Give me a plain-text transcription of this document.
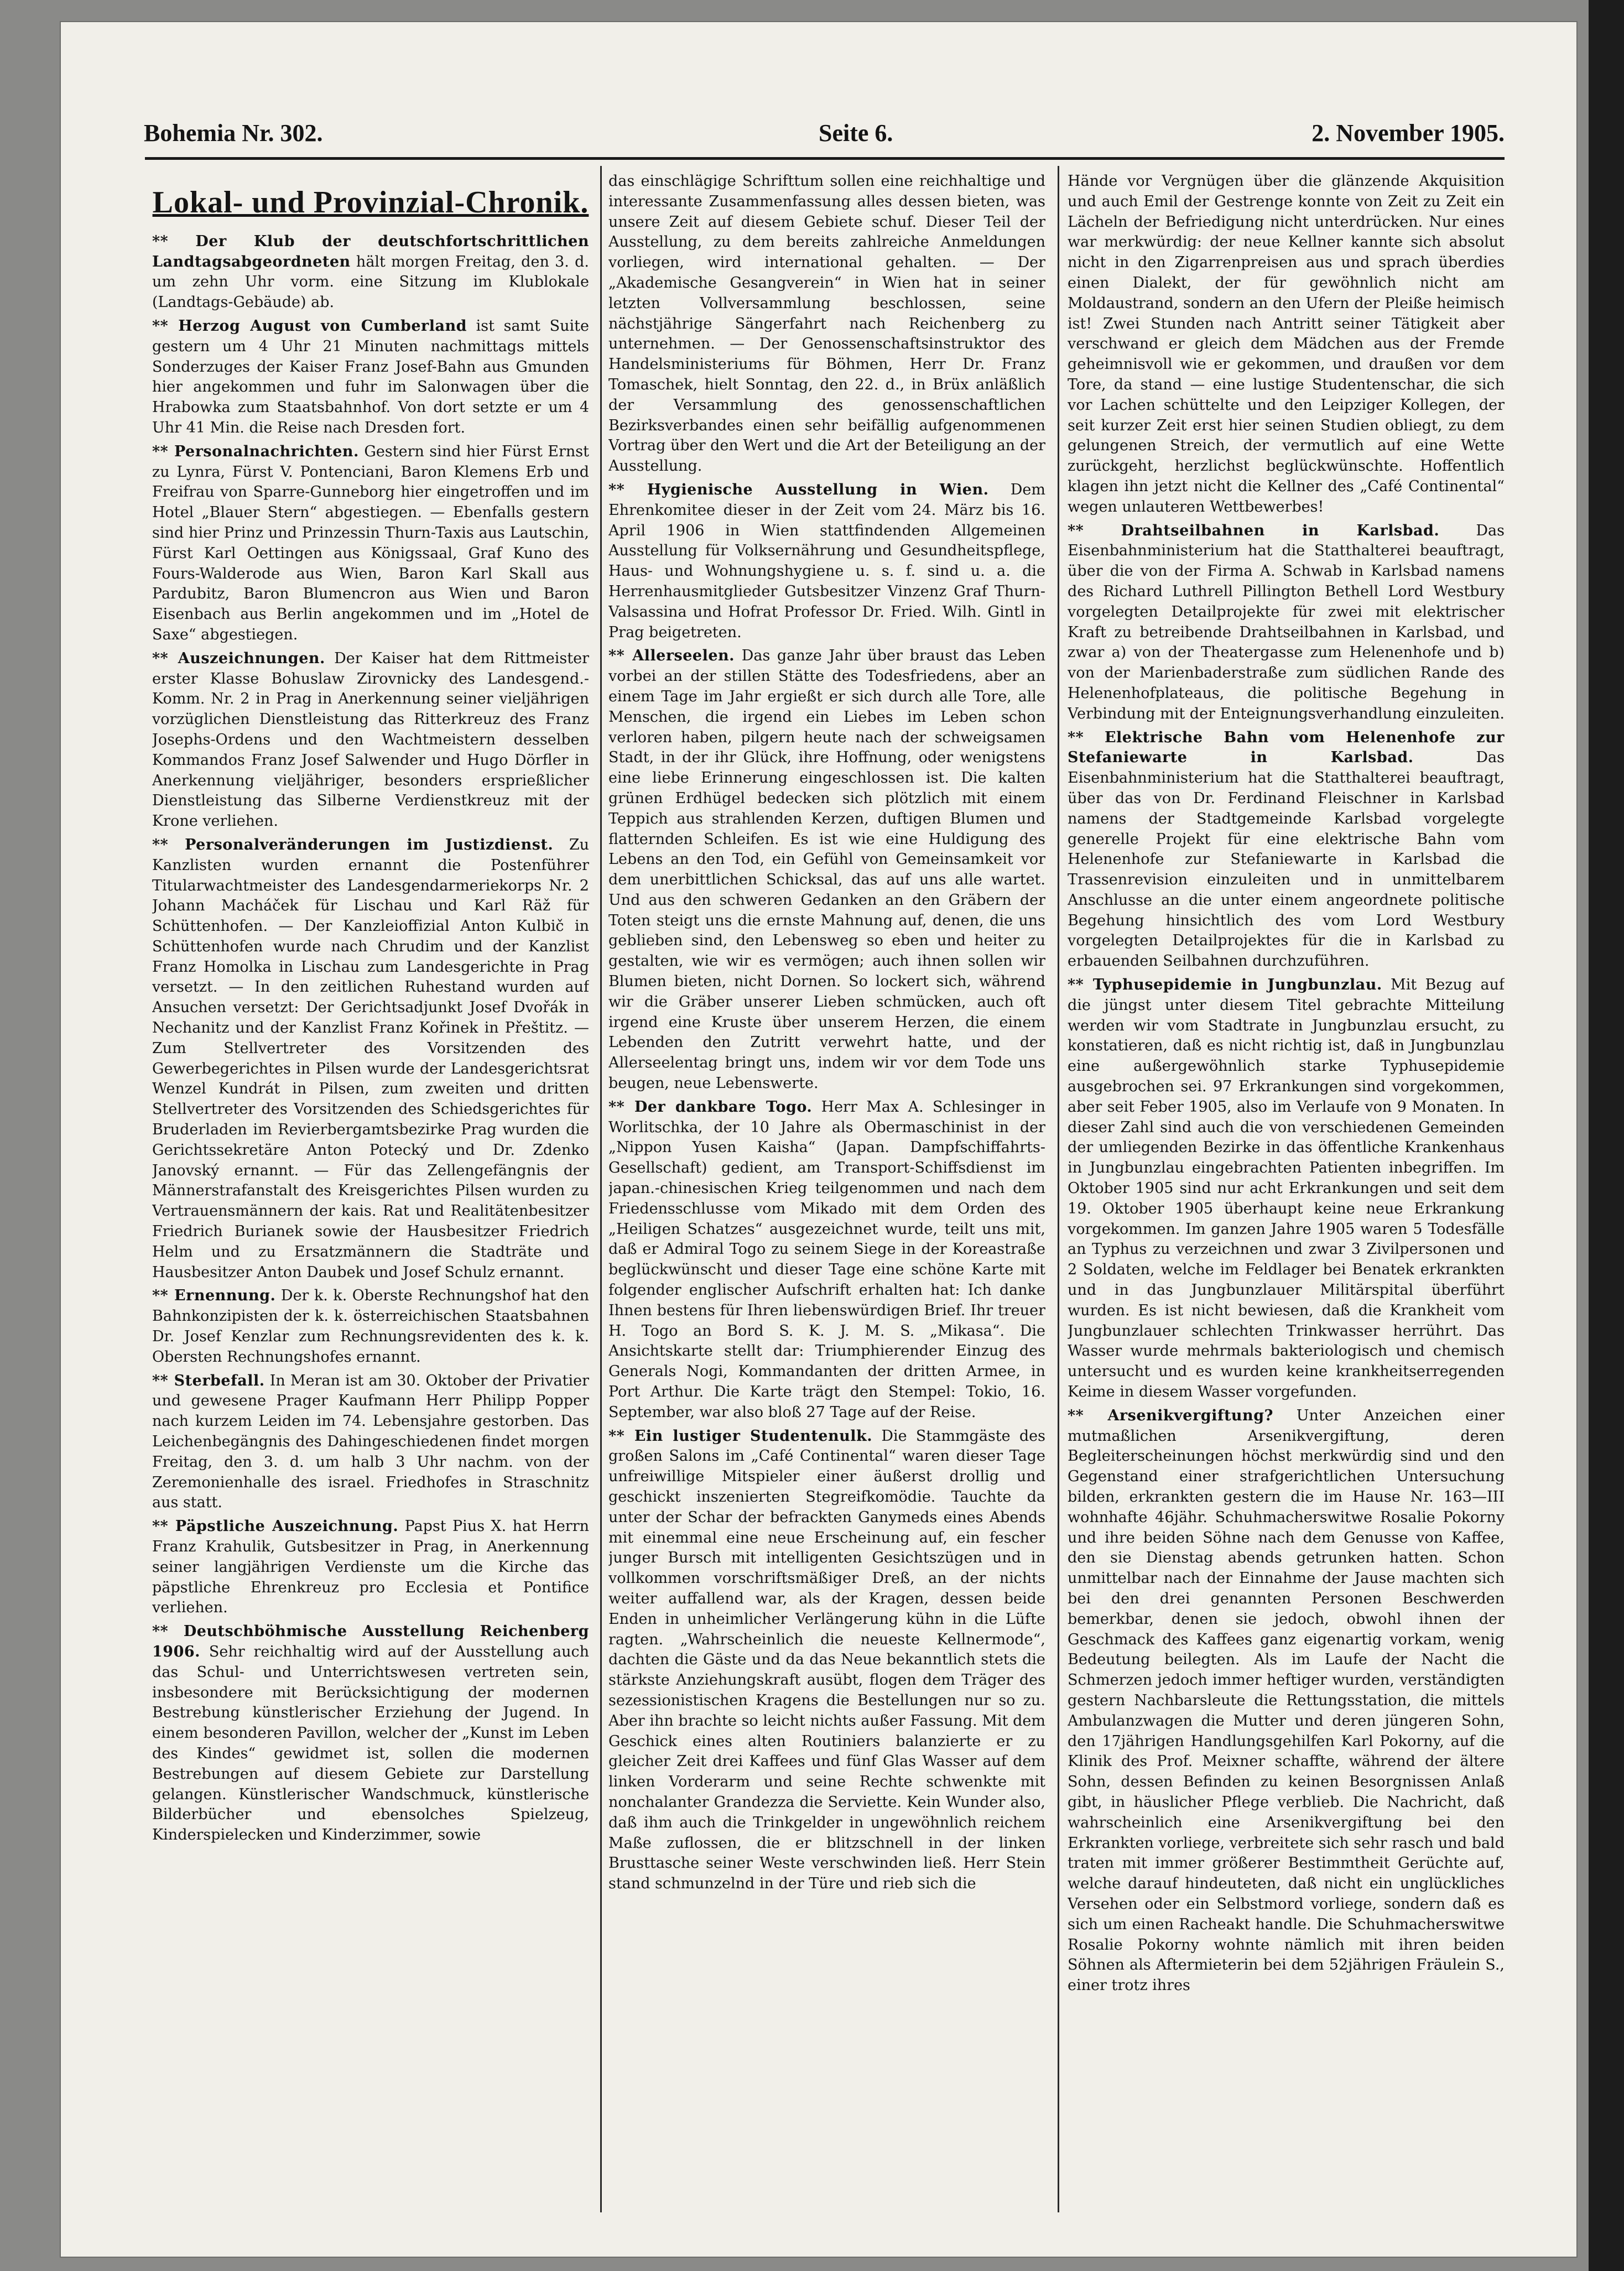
Bohemia Nr. 302.	Seite 6.	2. November 1905.
Lokal- und Provinzial-Chronik.

** Der Klub der deutschfortschrittlichen Landtagsabgeordneten hält morgen Freitag, den 3. d. um zehn Uhr vorm. eine Sitzung im Klublokale (Landtags-Gebäude) ab.

** Herzog August von Cumberland ist samt Suite gestern um 4 Uhr 21 Minuten nachmittags mittels Sonderzuges der Kaiser Franz Josef-Bahn aus Gmunden hier angekommen und fuhr im Salonwagen über die Hrabowka zum Staatsbahnhof. Von dort setzte er um 4 Uhr 41 Min. die Reise nach Dresden fort.

** Personalnachrichten. Gestern sind hier Fürst Ernst zu Lynra, Fürst V. Pontenciani, Baron Klemens Erb und Freifrau von Sparre-Gunneborg hier eingetroffen und im Hotel „Blauer Stern“ abgestiegen. — Ebenfalls gestern sind hier Prinz und Prinzessin Thurn-Taxis aus Lautschin, Fürst Karl Oettingen aus Königssaal, Graf Kuno des Fours-Walderode aus Wien, Baron Karl Skall aus Pardubitz, Baron Blumencron aus Wien und Baron Eisenbach aus Berlin angekommen und im „Hotel de Saxe“ abgestiegen.

** Auszeichnungen. Der Kaiser hat dem Rittmeister erster Klasse Bohuslaw Zirovnicky des Landesgend.-Komm. Nr. 2 in Prag in Anerkennung seiner vieljährigen vorzüglichen Dienstleistung das Ritterkreuz des Franz Josephs-Ordens und den Wachtmeistern desselben Kommandos Franz Josef Salwender und Hugo Dörfler in Anerkennung vieljähriger, besonders ersprießlicher Dienstleistung das Silberne Verdienstkreuz mit der Krone verliehen.

** Personalveränderungen im Justizdienst. Zu Kanzlisten wurden ernannt die Postenführer Titularwachtmeister des Landesgendarmeriekorps Nr. 2 Johann Macháček für Lischau und Karl Räž für Schüttenhofen. — Der Kanzleioffizial Anton Kulbič in Schüttenhofen wurde nach Chrudim und der Kanzlist Franz Homolka in Lischau zum Landesgerichte in Prag versetzt. — In den zeitlichen Ruhestand wurden auf Ansuchen versetzt: Der Gerichtsadjunkt Josef Dvořák in Nechanitz und der Kanzlist Franz Kořinek in Přeštitz. — Zum Stellvertreter des Vorsitzenden des Gewerbegerichtes in Pilsen wurde der Landesgerichtsrat Wenzel Kundrát in Pilsen, zum zweiten und dritten Stellvertreter des Vorsitzenden des Schiedsgerichtes für Bruderladen im Revierbergamtsbezirke Prag wurden die Gerichtssekretäre Anton Potecký und Dr. Zdenko Janovský ernannt. — Für das Zellengefängnis der Männerstrafanstalt des Kreisgerichtes Pilsen wurden zu Vertrauensmännern der kais. Rat und Realitätenbesitzer Friedrich Burianek sowie der Hausbesitzer Friedrich Helm und zu Ersatzmännern die Stadträte und Hausbesitzer Anton Daubek und Josef Schulz ernannt.

** Ernennung. Der k. k. Oberste Rechnungshof hat den Bahnkonzipisten der k. k. österreichischen Staatsbahnen Dr. Josef Kenzlar zum Rechnungsrevidenten des k. k. Obersten Rechnungshofes ernannt.

** Sterbefall. In Meran ist am 30. Oktober der Privatier und gewesene Prager Kaufmann Herr Philipp Popper nach kurzem Leiden im 74. Lebensjahre gestorben. Das Leichenbegängnis des Dahingeschiedenen findet morgen Freitag, den 3. d. um halb 3 Uhr nachm. von der Zeremonienhalle des israel. Friedhofes in Straschnitz aus statt.

** Päpstliche Auszeichnung. Papst Pius X. hat Herrn Franz Krahulik, Gutsbesitzer in Prag, in Anerkennung seiner langjährigen Verdienste um die Kirche das päpstliche Ehrenkreuz pro Ecclesia et Pontifice verliehen.

** Deutschböhmische Ausstellung Reichenberg 1906. Sehr reichhaltig wird auf der Ausstellung auch das Schul- und Unterrichtswesen vertreten sein, insbesondere mit Berücksichtigung der modernen Bestrebung künstlerischer Erziehung der Jugend. In einem besonderen Pavillon, welcher der „Kunst im Leben des Kindes“ gewidmet ist, sollen die modernen Bestrebungen auf diesem Gebiete zur Darstellung gelangen. Künstlerischer Wandschmuck, künstlerische Bilderbücher und ebensolches Spielzeug, Kinderspielecken und Kinderzimmer, sowie

das einschlägige Schrifttum sollen eine reichhaltige und interessante Zusammenfassung alles dessen bieten, was unsere Zeit auf diesem Gebiete schuf. Dieser Teil der Ausstellung, zu dem bereits zahlreiche Anmeldungen vorliegen, wird international gehalten. — Der „Akademische Gesangverein“ in Wien hat in seiner letzten Vollversammlung beschlossen, seine nächstjährige Sängerfahrt nach Reichenberg zu unternehmen. — Der Genossenschaftsinstruktor des Handelsministeriums für Böhmen, Herr Dr. Franz Tomaschek, hielt Sonntag, den 22. d., in Brüx anläßlich der Versammlung des genossenschaftlichen Bezirksverbandes einen sehr beifällig aufgenommenen Vortrag über den Wert und die Art der Beteiligung an der Ausstellung.

** Hygienische Ausstellung in Wien. Dem Ehrenkomitee dieser in der Zeit vom 24. März bis 16. April 1906 in Wien stattfindenden Allgemeinen Ausstellung für Volksernährung und Gesundheitspflege, Haus- und Wohnungshygiene u. s. f. sind u. a. die Herrenhausmitglieder Gutsbesitzer Vinzenz Graf Thurn-Valsassina und Hofrat Professor Dr. Fried. Wilh. Gintl in Prag beigetreten.

** Allerseelen. Das ganze Jahr über braust das Leben vorbei an der stillen Stätte des Todesfriedens, aber an einem Tage im Jahr ergießt er sich durch alle Tore, alle Menschen, die irgend ein Liebes im Leben schon verloren haben, pilgern heute nach der schweigsamen Stadt, in der ihr Glück, ihre Hoffnung, oder wenigstens eine liebe Erinnerung eingeschlossen ist. Die kalten grünen Erdhügel bedecken sich plötzlich mit einem Teppich aus strahlenden Kerzen, duftigen Blumen und flatternden Schleifen. Es ist wie eine Huldigung des Lebens an den Tod, ein Gefühl von Gemeinsamkeit vor dem unerbittlichen Schicksal, das auf uns alle wartet. Und aus den schweren Gedanken an den Gräbern der Toten steigt uns die ernste Mahnung auf, denen, die uns geblieben sind, den Lebensweg so eben und heiter zu gestalten, wie wir es vermögen; auch ihnen sollen wir Blumen bieten, nicht Dornen. So lockert sich, während wir die Gräber unserer Lieben schmücken, auch oft irgend eine Kruste über unserem Herzen, die einem Lebenden den Zutritt verwehrt hatte, und der Allerseelentag bringt uns, indem wir vor dem Tode uns beugen, neue Lebenswerte.

** Der dankbare Togo. Herr Max A. Schlesinger in Worlitschka, der 10 Jahre als Obermaschinist in der „Nippon Yusen Kaisha“ (Japan. Dampfschiffahrts-Gesellschaft) gedient, am Transport-Schiffsdienst im japan.-chinesischen Krieg teilgenommen und nach dem Friedensschlusse vom Mikado mit dem Orden des „Heiligen Schatzes“ ausgezeichnet wurde, teilt uns mit, daß er Admiral Togo zu seinem Siege in der Koreastraße beglückwünscht und dieser Tage eine schöne Karte mit folgender englischer Aufschrift erhalten hat: Ich danke Ihnen bestens für Ihren liebenswürdigen Brief. Ihr treuer H. Togo an Bord S. K. J. M. S. „Mikasa“. Die Ansichtskarte stellt dar: Triumphierender Einzug des Generals Nogi, Kommandanten der dritten Armee, in Port Arthur. Die Karte trägt den Stempel: Tokio, 16. September, war also bloß 27 Tage auf der Reise.

** Ein lustiger Studentenulk. Die Stammgäste des großen Salons im „Café Continental“ waren dieser Tage unfreiwillige Mitspieler einer äußerst drollig und geschickt inszenierten Stegreifkomödie. Tauchte da unter der Schar der befrackten Ganymeds eines Abends mit einemmal eine neue Erscheinung auf, ein fescher junger Bursch mit intelligenten Gesichtszügen und in vollkommen vorschriftsmäßiger Dreß, an der nichts weiter auffallend war, als der Kragen, dessen beide Enden in unheimlicher Verlängerung kühn in die Lüfte ragten. „Wahrscheinlich die neueste Kellnermode“, dachten die Gäste und da das Neue bekanntlich stets die stärkste Anziehungskraft ausübt, flogen dem Träger des sezessionistischen Kragens die Bestellungen nur so zu. Aber ihn brachte so leicht nichts außer Fassung. Mit dem Geschick eines alten Routiniers balanzierte er zu gleicher Zeit drei Kaffees und fünf Glas Wasser auf dem linken Vorderarm und seine Rechte schwenkte mit nonchalanter Grandezza die Serviette. Kein Wunder also, daß ihm auch die Trinkgelder in ungewöhnlich reichem Maße zuflossen, die er blitzschnell in der linken Brusttasche seiner Weste verschwinden ließ. Herr Stein stand schmunzelnd in der Türe und rieb sich die

Hände vor Vergnügen über die glänzende Akquisition und auch Emil der Gestrenge konnte von Zeit zu Zeit ein Lächeln der Befriedigung nicht unterdrücken. Nur eines war merkwürdig: der neue Kellner kannte sich absolut nicht in den Zigarrenpreisen aus und sprach überdies einen Dialekt, der für gewöhnlich nicht am Moldaustrand, sondern an den Ufern der Pleiße heimisch ist! Zwei Stunden nach Antritt seiner Tätigkeit aber verschwand er gleich dem Mädchen aus der Fremde geheimnisvoll wie er gekommen, und draußen vor dem Tore, da stand — eine lustige Studentenschar, die sich vor Lachen schüttelte und den Leipziger Kollegen, der seit kurzer Zeit erst hier seinen Studien obliegt, zu dem gelungenen Streich, der vermutlich auf eine Wette zurückgeht, herzlichst beglückwünschte. Hoffentlich klagen ihn jetzt nicht die Kellner des „Café Continental“ wegen unlauteren Wettbewerbes!

** Drahtseilbahnen in Karlsbad. Das Eisenbahnministerium hat die Statthalterei beauftragt, über die von der Firma A. Schwab in Karlsbad namens des Richard Luthrell Pillington Bethell Lord Westbury vorgelegten Detailprojekte für zwei mit elektrischer Kraft zu betreibende Drahtseilbahnen in Karlsbad, und zwar a) von der Theatergasse zum Helenenhofe und b) von der Marienbaderstraße zum südlichen Rande des Helenenhofplateaus, die politische Begehung in Verbindung mit der Enteignungsverhandlung einzuleiten.

** Elektrische Bahn vom Helenenhofe zur Stefaniewarte in Karlsbad. Das Eisenbahnministerium hat die Statthalterei beauftragt, über das von Dr. Ferdinand Fleischner in Karlsbad namens der Stadtgemeinde Karlsbad vorgelegte generelle Projekt für eine elektrische Bahn vom Helenenhofe zur Stefaniewarte in Karlsbad die Trassenrevision einzuleiten und in unmittelbarem Anschlusse an die unter einem angeordnete politische Begehung hinsichtlich des vom Lord Westbury vorgelegten Detailprojektes für die in Karlsbad zu erbauenden Seilbahnen durchzuführen.

** Typhusepidemie in Jungbunzlau. Mit Bezug auf die jüngst unter diesem Titel gebrachte Mitteilung werden wir vom Stadtrate in Jungbunzlau ersucht, zu konstatieren, daß es nicht richtig ist, daß in Jungbunzlau eine außergewöhnlich starke Typhusepidemie ausgebrochen sei. 97 Erkrankungen sind vorgekommen, aber seit Feber 1905, also im Verlaufe von 9 Monaten. In dieser Zahl sind auch die von verschiedenen Gemeinden der umliegenden Bezirke in das öffentliche Krankenhaus in Jungbunzlau eingebrachten Patienten inbegriffen. Im Oktober 1905 sind nur acht Erkrankungen und seit dem 19. Oktober 1905 überhaupt keine neue Erkrankung vorgekommen. Im ganzen Jahre 1905 waren 5 Todesfälle an Typhus zu verzeichnen und zwar 3 Zivilpersonen und 2 Soldaten, welche im Feldlager bei Benatek erkrankten und in das Jungbunzlauer Militärspital überführt wurden. Es ist nicht bewiesen, daß die Krankheit vom Jungbunzlauer schlechten Trinkwasser herrührt. Das Wasser wurde mehrmals bakteriologisch und chemisch untersucht und es wurden keine krankheitserregenden Keime in diesem Wasser vorgefunden.

** Arsenikvergiftung? Unter Anzeichen einer mutmaßlichen Arsenikvergiftung, deren Begleiterscheinungen höchst merkwürdig sind und den Gegenstand einer strafgerichtlichen Untersuchung bilden, erkrankten gestern die im Hause Nr. 163—III wohnhafte 46jähr. Schuhmacherswitwe Rosalie Pokorny und ihre beiden Söhne nach dem Genusse von Kaffee, den sie Dienstag abends getrunken hatten. Schon unmittelbar nach der Einnahme der Jause machten sich bei den drei genannten Personen Beschwerden bemerkbar, denen sie jedoch, obwohl ihnen der Geschmack des Kaffees ganz eigenartig vorkam, wenig Bedeutung beilegten. Als im Laufe der Nacht die Schmerzen jedoch immer heftiger wurden, verständigten gestern Nachbarsleute die Rettungsstation, die mittels Ambulanzwagen die Mutter und deren jüngeren Sohn, den 17jährigen Handlungsgehilfen Karl Pokorny, auf die Klinik des Prof. Meixner schaffte, während der ältere Sohn, dessen Befinden zu keinen Besorgnissen Anlaß gibt, in häuslicher Pflege verblieb. Die Nachricht, daß wahrscheinlich eine Arsenikvergiftung bei den Erkrankten vorliege, verbreitete sich sehr rasch und bald traten mit immer größerer Bestimmtheit Gerüchte auf, welche darauf hindeuteten, daß nicht ein unglückliches Versehen oder ein Selbstmord vorliege, sondern daß es sich um einen Racheakt handle. Die Schuhmacherswitwe Rosalie Pokorny wohnte nämlich mit ihren beiden Söhnen als Aftermieterin bei dem 52jährigen Fräulein S., einer trotz ihres
